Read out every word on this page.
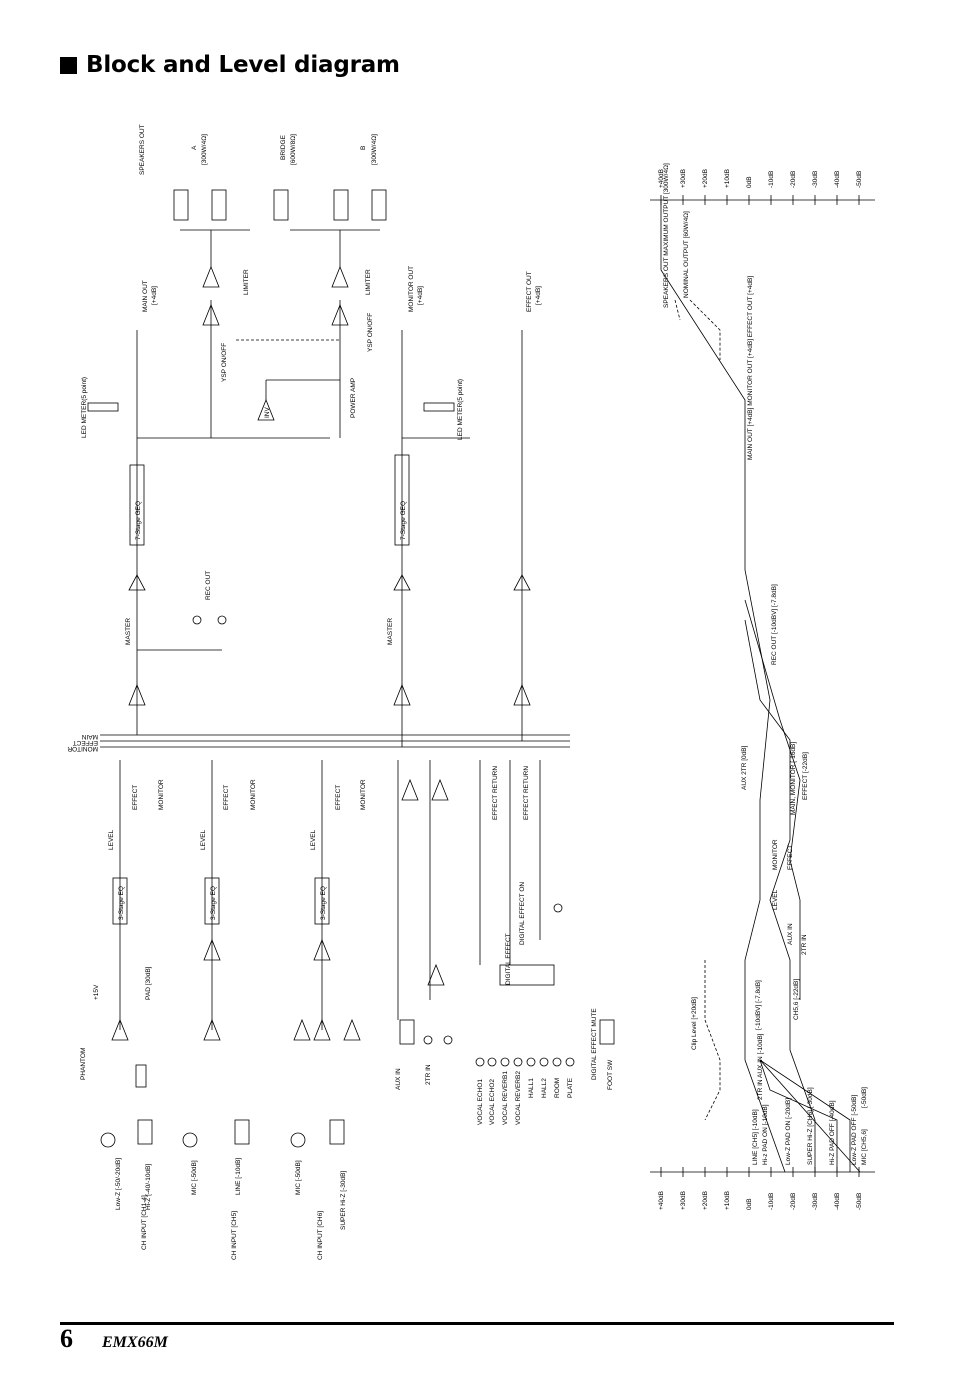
Block and Level diagram
SPEAKERS OUT	A [300W/4Ω]	BRIDGE [600W/8Ω]	B [300W/4Ω]
LIMITER	LIMITER
YSP ON/OFF
YSP ON/OFF
MAIN OUT [+4dB]	MONITOR OUT [+4dB]	EFFECT OUT [+4dB]
POWER AMP
LED METER(5 point)	LED METER(5 point)
INV
7-Stage GEQ	7-Stage GEQ
REC OUT
MASTER	MASTER
MAIN
EFFECT
MONITOR
CH INPUT [CH1-4]	CH INPUT [CH5]	CH INPUT [CH6]
Low-Z [-50/-20dB]	Hi-Z [-40/-10dB]	MIC [-50dB]	LINE [-10dB]	MIC [-50dB]	SUPER Hi-Z [-30dB]
PHANTOM
+15V	PAD [30dB]
3-Stage EQ	3-Stage EQ	3-Stage EQ
LEVEL	LEVEL	LEVEL
EFFECT	MONITOR	EFFECT	MONITOR	EFFECT	MONITOR
AUX IN	2TR IN
EFFECT RETURN	EFFECT RETURN
DIGITAL EFFECT ON
DIGITAL EFFECT
DIGITAL EFFECT MUTE FOOT SW
VOCAL ECHO1 VOCAL ECHO2 VOCAL REVERB1 VOCAL REVERB2 HALL1 HALL2 ROOM PLATE
+40dB +30dB +20dB +10dB 0dB -10dB -20dB -30dB -40dB -50dB
+40dB +30dB +20dB +10dB 0dB -10dB -20dB -30dB -40dB -50dB
SPEAKERS OUT MAXIMUM OUTPUT [300W/4Ω] NOMINAL OUTPUT [60W/4Ω]
MAIN OUT [+4dB] MONITOR OUT [+4dB] EFFECT OUT [+4dB]
REC OUT [-10dBV] [-7.8dB]
AUX 2TR [0dB]	MAIN, MONITOR [-16dB] EFFECT [-22dB]
Clip Level [+20dB]
LINE [CH5] [-10dB] Hi-z PAD ON [-10dB] Low-Z PAD ON [-20dB] SUPER Hi-Z [CH6] [-30dB] Hi-Z PAD OFF [-40dB] Low-Z PAD OFF [-50dB] MIC [CH5,6]
LEVEL
MONITOR EFFECT
AUX IN 2TR IN
CH5,6 [-22dB]
[-10dBV] [-7.8dB]
2TR IN AUX IN [-10dB]	[-50dB]
6 EMX66M
